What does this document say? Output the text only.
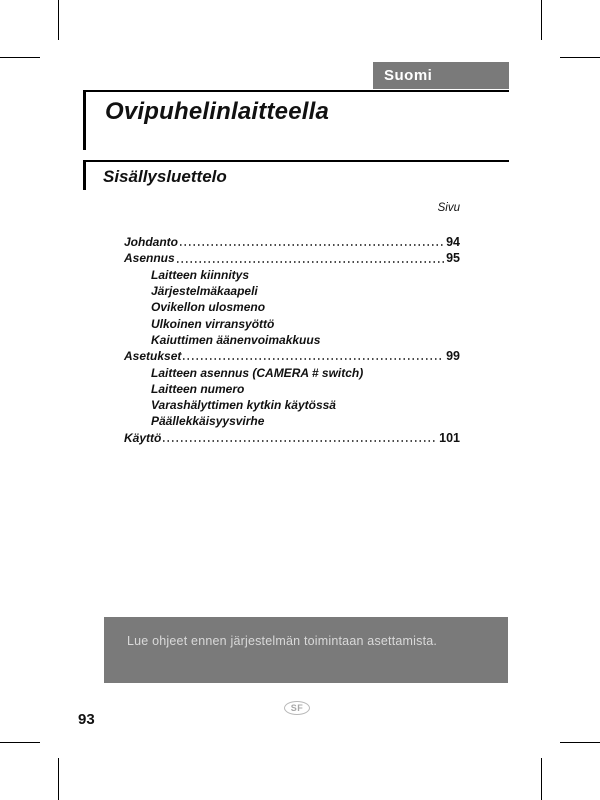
Suomi
Ovipuhelinlaitteella
Sisällysluettelo
Sivu
Johdanto	94
Asennus	95
Laitteen kiinnitys
Järjestelmäkaapeli
Ovikellon ulosmeno
Ulkoinen virransyöttö
Kaiuttimen äänenvoimakkuus
Asetukset	99
Laitteen asennus (CAMERA # switch)
Laitteen numero
Varashälyttimen kytkin käytössä
Päällekkäisyysvirhe
Käyttö	101
Lue ohjeet ennen järjestelmän toimintaan asettamista.
SF
93
